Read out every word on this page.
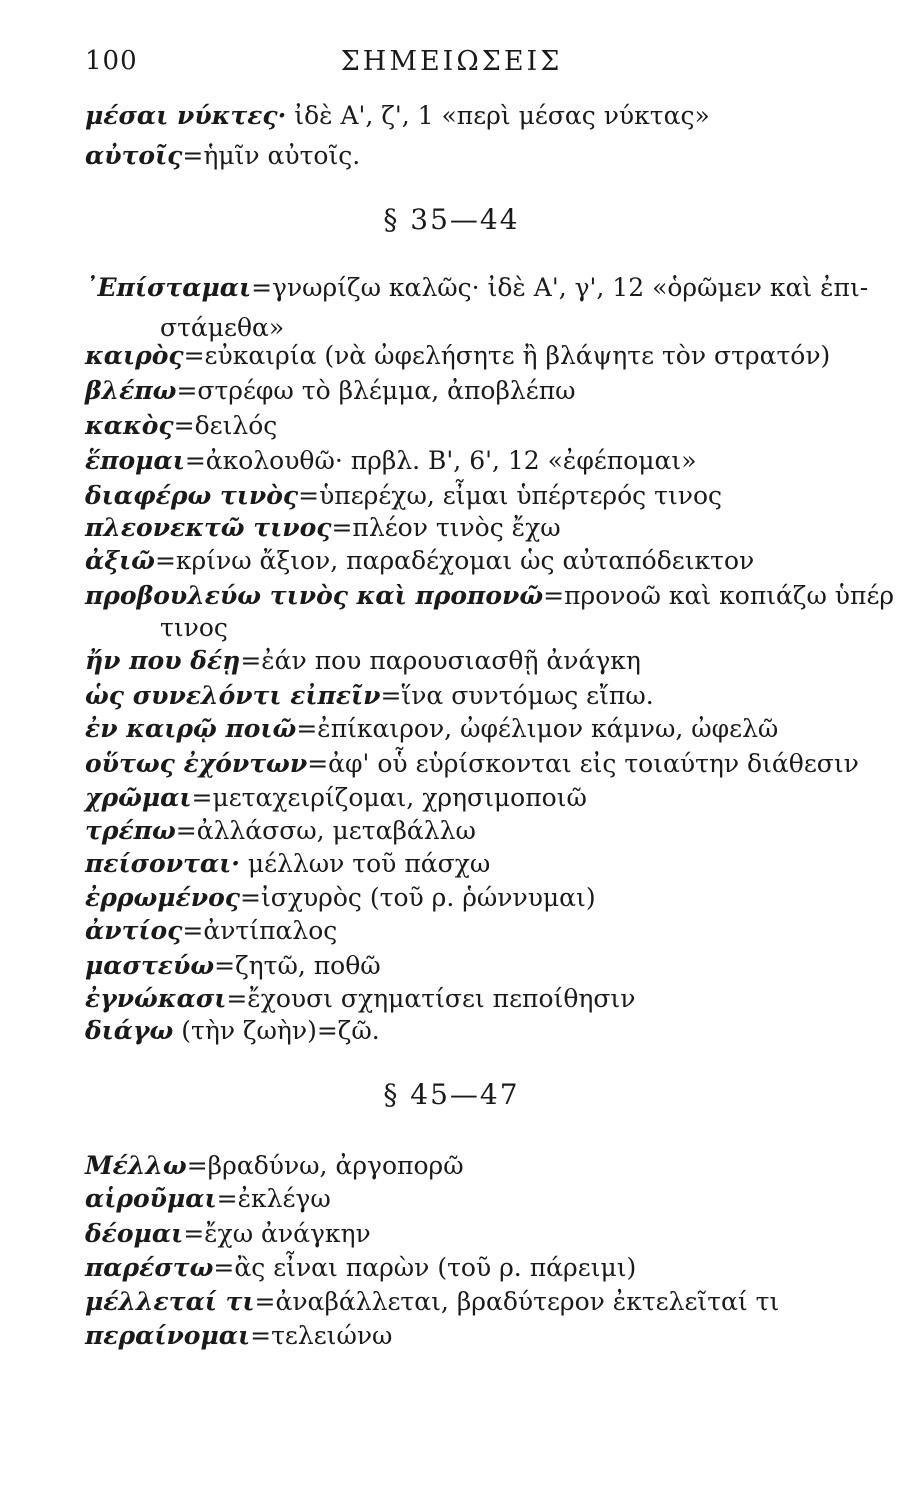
100	ΣΗΜΕΙΩΣΕΙΣ
μέσαι νύκτες· ἰδὲ Α', ζ', 1 «περὶ μέσας νύκτας»
αὐτοῖς=ἡμῖν αὐτοῖς.
§ 35—44
᾿Επίσταμαι=γνωρίζω καλῶς· ἰδὲ Α', γ', 12 «ὁρῶμεν καὶ ἐπι-
στάμεθα»
καιρὸς=εὐκαιρία (νὰ ὠφελήσητε ἢ βλάψητε τὸν στρατόν)
βλέπω=στρέφω τὸ βλέμμα, ἀποβλέπω
κακὸς=δειλός
ἕπομαι=ἀκολουθῶ· πρβλ. Β', 6', 12 «ἐφέπομαι»
διαφέρω τινὸς=ὑπερέχω, εἶμαι ὑπέρτερός τινος
πλεονεκτῶ τινος=πλέον τινὸς ἔχω
ἀξιῶ=κρίνω ἄξιον, παραδέχομαι ὡς αὐταπόδεικτον
προβουλεύω τινὸς καὶ προπονῶ=προνοῶ καὶ κοπιάζω ὑπέρ
τινος
ἤν που δέῃ=ἐάν που παρουσιασθῇ ἀνάγκη
ὡς συνελόντι εἰπεῖν=ἵνα συντόμως εἴπω.
ἐν καιρῷ ποιῶ=ἐπίκαιρον, ὠφέλιμον κάμνω, ὠφελῶ
οὕτως ἐχόντων=ἀφ' οὗ εὑρίσκονται εἰς τοιαύτην διάθεσιν
χρῶμαι=μεταχειρίζομαι, χρησιμοποιῶ
τρέπω=ἀλλάσσω, μεταβάλλω
πείσονται· μέλλων τοῦ πάσχω
ἐρρωμένος=ἰσχυρὸς (τοῦ ρ. ῥώννυμαι)
ἀντίος=ἀντίπαλος
μαστεύω=ζητῶ, ποθῶ
ἐγνώκασι=ἔχουσι σχηματίσει πεποίθησιν
διάγω (τὴν ζωὴν)=ζῶ.
§ 45—47
Μέλλω=βραδύνω, ἀργοπορῶ
αἱροῦμαι=ἐκλέγω
δέομαι=ἔχω ἀνάγκην
παρέστω=ἂς εἶναι παρὼν (τοῦ ρ. πάρειμι)
μέλλεταί τι=ἀναβάλλεται, βραδύτερον ἐκτελεῖταί τι
περαίνομαι=τελειώνω
